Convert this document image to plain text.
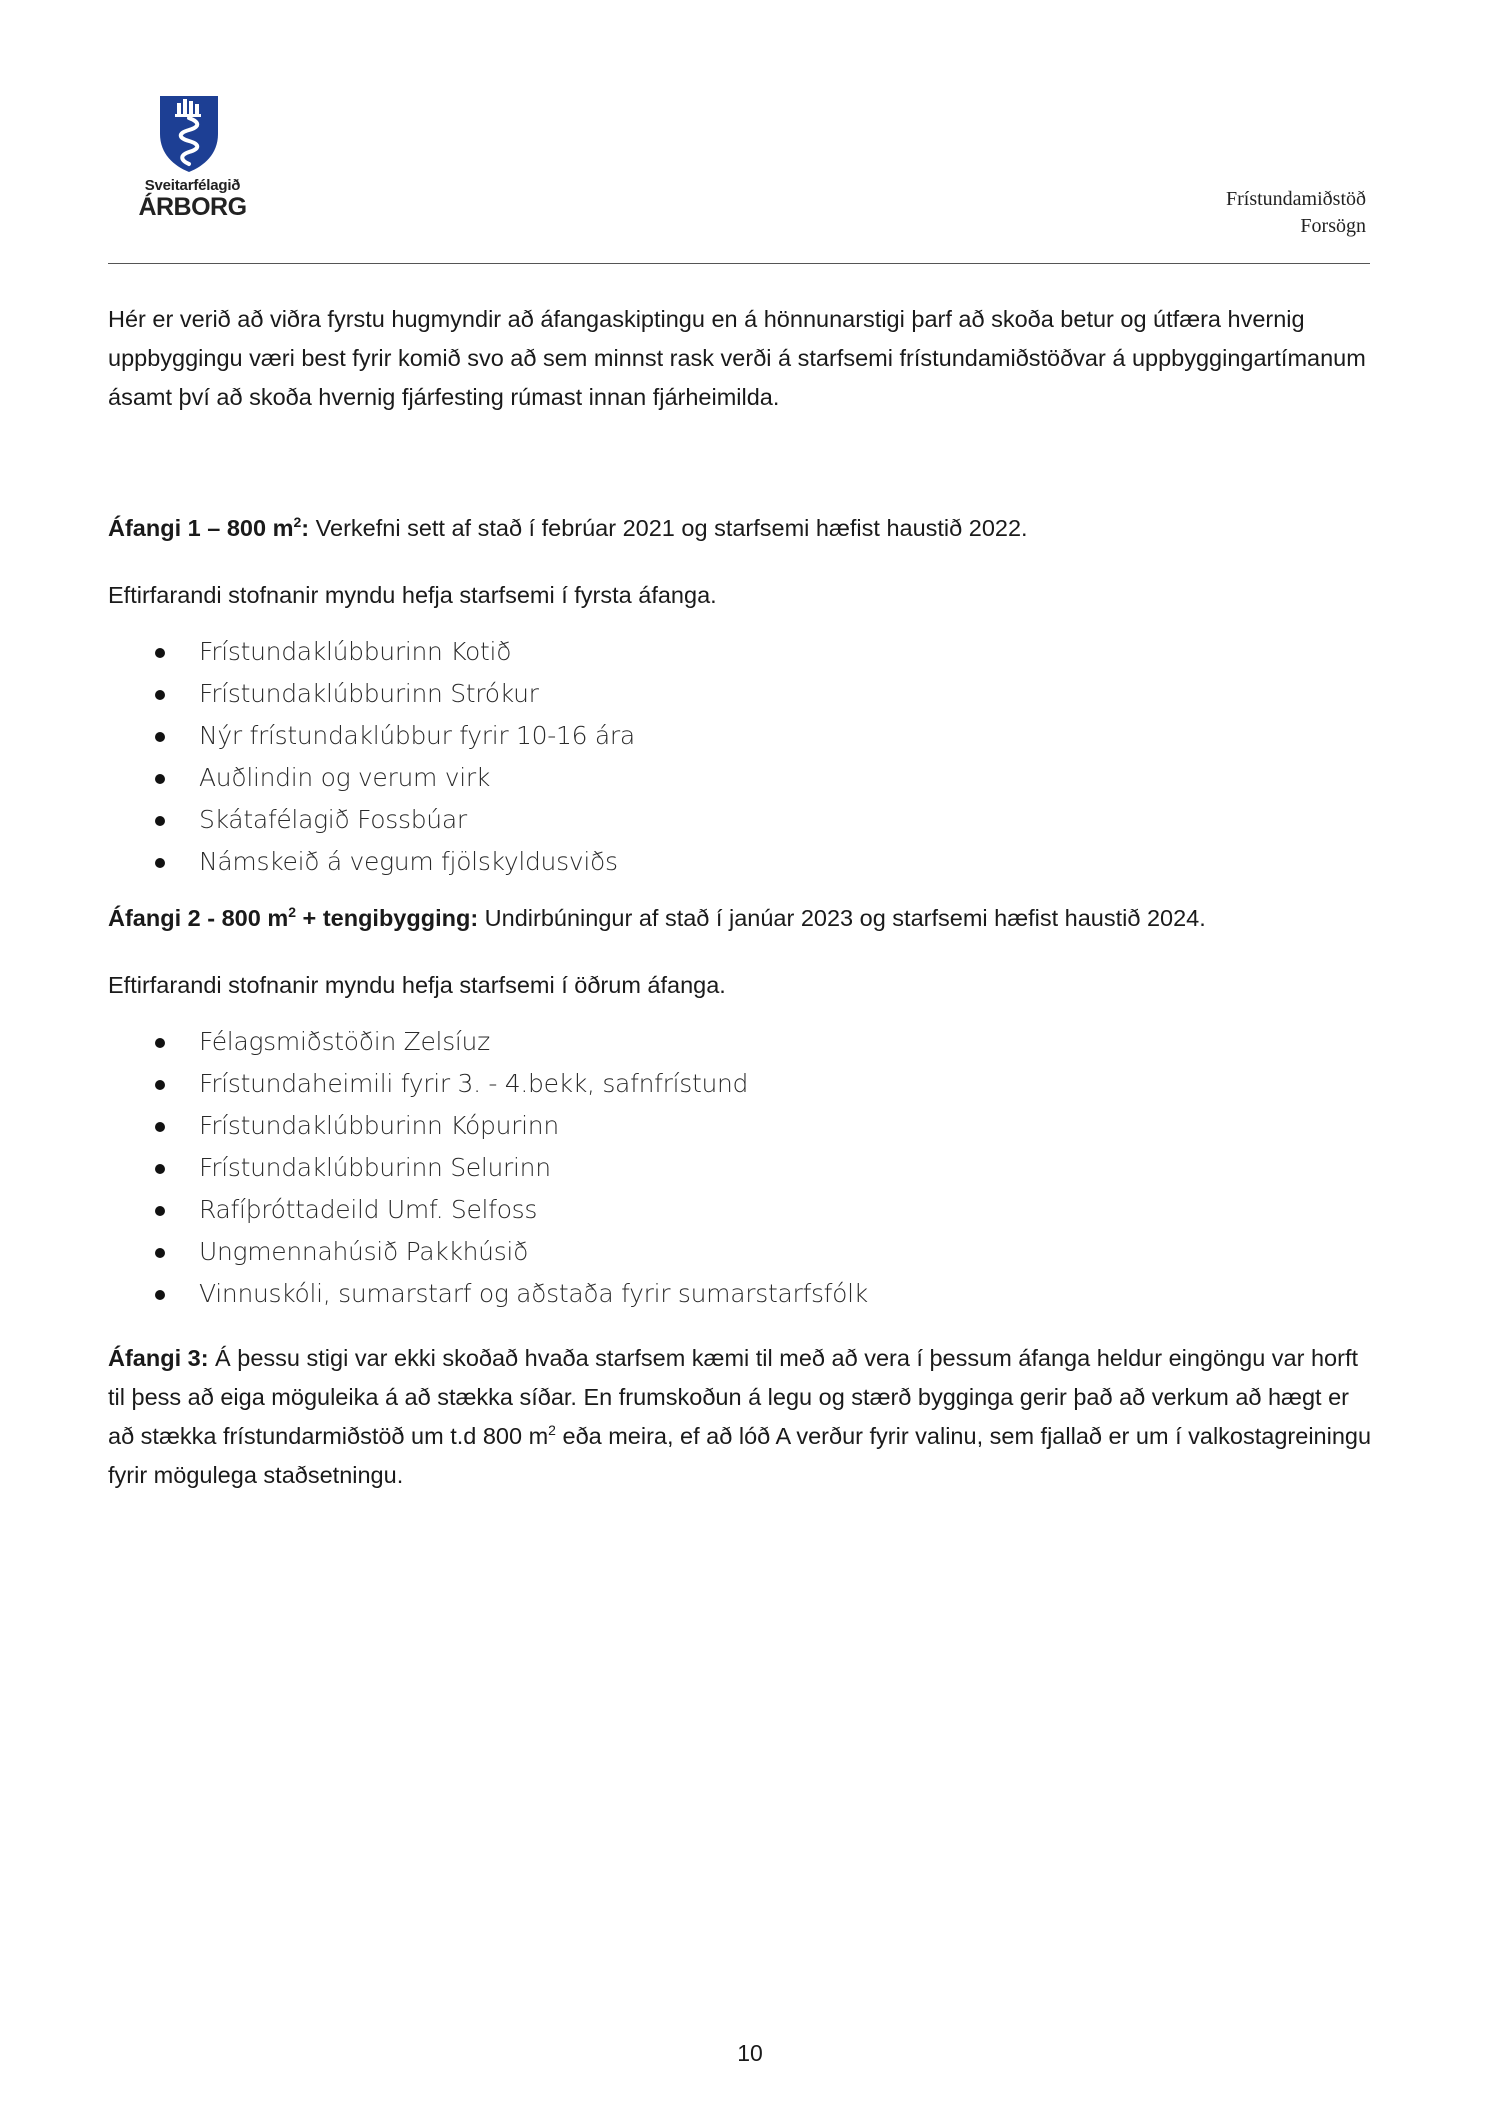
Sveitarfélagið
ÁRBORG	Frístundamiðstöð
Forsögn

Hér er verið að viðra fyrstu hugmyndir að áfangaskiptingu en á hönnunarstigi þarf að skoða betur og útfæra hvernig uppbyggingu væri best fyrir komið svo að sem minnst rask verði á starfsemi frístundamiðstöðvar á uppbyggingartímanum ásamt því að skoða hvernig fjárfesting rúmast innan fjárheimilda.

Áfangi 1 – 800 $m^2$: Verkefni sett af stað í febrúar 2021 og starfsemi hæfist haustið 2022.

Eftirfarandi stofnanir myndu hefja starfsemi í fyrsta áfanga.

Frístundaklúbburinn Kotið
Frístundaklúbburinn Strókur
Nýr frístundaklúbbur fyrir 10-16 ára
Auðlindin og verum virk
Skátafélagið Fossbúar
Námskeið á vegum fjölskyldusviðs

Áfangi 2 - 800 $m^2$ + tengibygging: Undirbúningur af stað í janúar 2023 og starfsemi hæfist haustið 2024.

Eftirfarandi stofnanir myndu hefja starfsemi í öðrum áfanga.

Félagsmiðstöðin Zelsíuz
Frístundaheimili fyrir 3. - 4.bekk, safnfrístund
Frístundaklúbburinn Kópurinn
Frístundaklúbburinn Selurinn
Rafíþróttadeild Umf. Selfoss
Ungmennahúsið Pakkhúsið
Vinnuskóli, sumarstarf og aðstaða fyrir sumarstarfsfólk

Áfangi 3: Á þessu stigi var ekki skoðað hvaða starfsem kæmi til með að vera í þessum áfanga heldur eingöngu var horft til þess að eiga möguleika á að stækka síðar. En frumskoðun á legu og stærð bygginga gerir það að verkum að hægt er að stækka frístundarmiðstöð um t.d 800 $m^2$ eða meira, ef að lóð A verður fyrir valinu, sem fjallað er um í valkostagreiningu fyrir mögulega staðsetningu.

10
